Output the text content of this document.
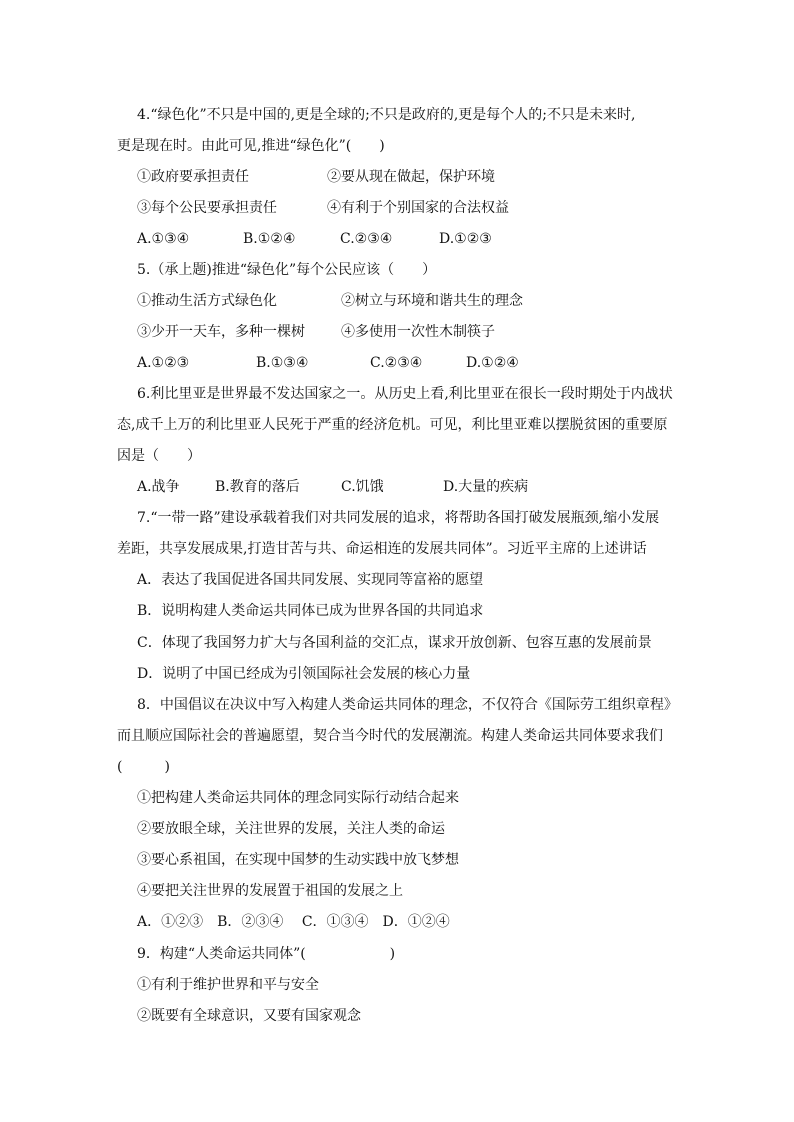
4.“绿色化”不只是中国的,更是全球的;不只是政府的,更是每个人的;不只是未来时,
更是现在时。由此可见,推进“绿色化”(　　)
①政府要承担责任	②要从现在做起，保护环境
③每个公民要承担责任	④有利于个别国家的合法权益
A.①③④	B.①②④	C.②③④	D.①②③
5.（承上题)推进“绿色化”每个公民应该（　　）
①推动生活方式绿色化	②树立与环境和谐共生的理念
③少开一天车，多种一棵树	④多使用一次性木制筷子
A.①②③	B.①③④	C.②③④	D.①②④
6.利比里亚是世界最不发达国家之一。从历史上看,利比里亚在很长一段时期处于内战状
态,成千上万的利比里亚人民死于严重的经济危机。可见，利比里亚难以摆脱贫困的重要原
因是（　　）
A.战争	B.教育的落后	C.饥饿	D.大量的疾病
7.“一带一路”建设承载着我们对共同发展的追求，将帮助各国打破发展瓶颈,缩小发展
差距，共享发展成果,打造甘苦与共、命运相连的发展共同体”。习近平主席的上述讲话
A．表达了我国促进各国共同发展、实现同等富裕的愿望
B．说明构建人类命运共同体已成为世界各国的共同追求
C．体现了我国努力扩大与各国利益的交汇点，谋求开放创新、包容互惠的发展前景
D．说明了中国已经成为引领国际社会发展的核心力量
8．中国倡议在决议中写入构建人类命运共同体的理念，不仅符合《国际劳工组织章程》
而且顺应国际社会的普遍愿望，契合当今时代的发展潮流。构建人类命运共同体要求我们
(　　　)
①把构建人类命运共同体的理念同实际行动结合起来
②要放眼全球，关注世界的发展，关注人类的命运
③要心系祖国，在实现中国梦的生动实践中放飞梦想
④要把关注世界的发展置于祖国的发展之上
A．①②③　B．②③④　 C．①③④　D．①②④
9．构建“人类命运共同体”(　　　　　　)
①有利于维护世界和平与安全
②既要有全球意识，又要有国家观念
